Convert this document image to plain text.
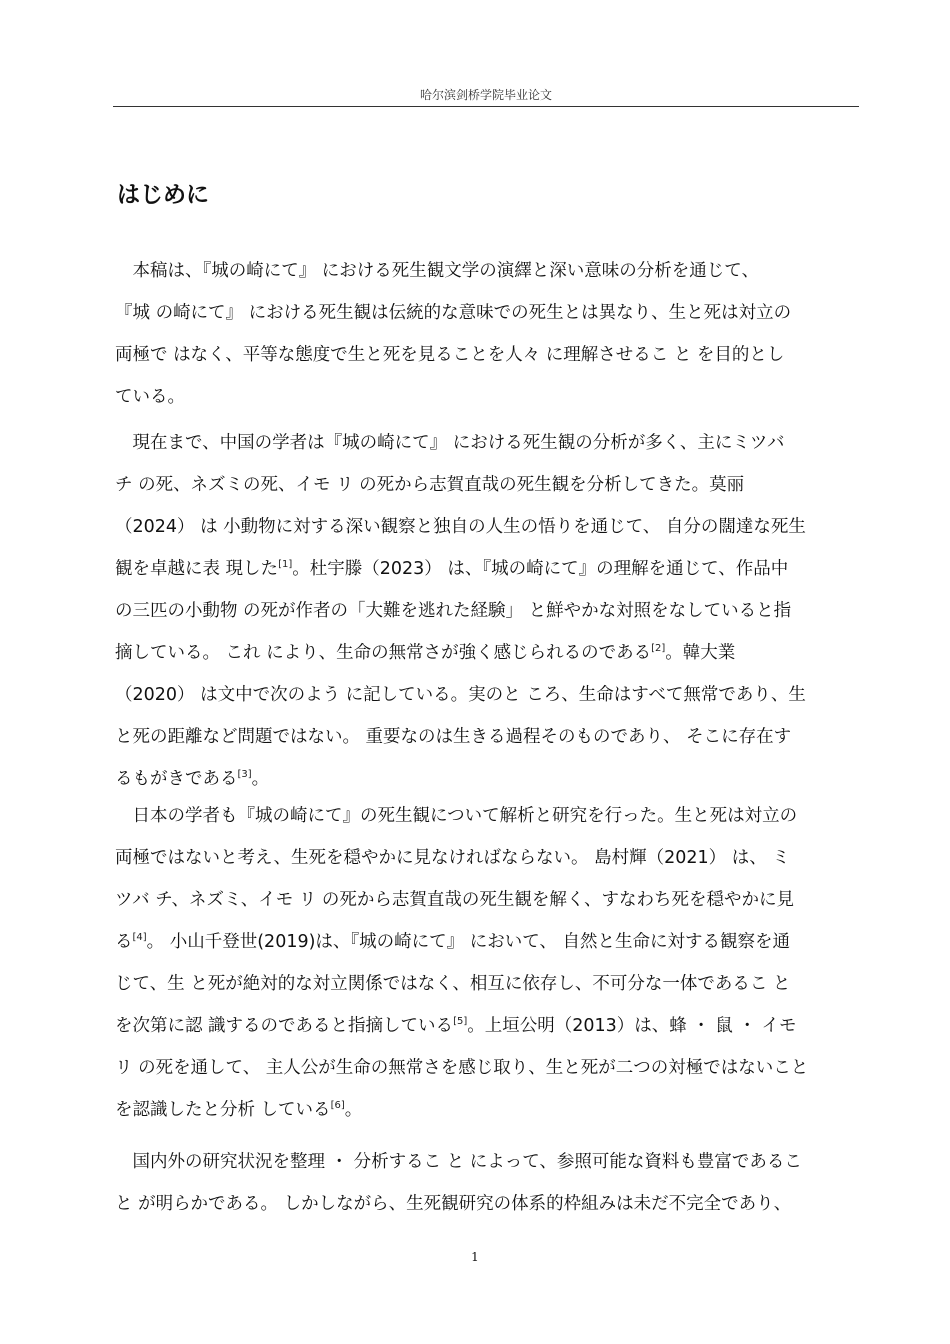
哈尔滨剑桥学院毕业论文
はじめに
　本稿は、『城の崎にて』 における死生観文学の演繹と深い意味の分析を通じて、
『城 の崎にて』 における死生観は伝統的な意味での死生とは異なり、生と死は対立の
両極で はなく、平等な態度で生と死を見ることを人々 に理解させるこ と を目的とし
ている。
　現在まで、中国の学者は『城の崎にて』 における死生観の分析が多く、主にミツバ
チ の死、ネズミの死、イモ リ の死から志賀直哉の死生観を分析してきた。莫丽
（2024） は 小動物に対する深い観察と独自の人生の悟りを通じて、 自分の闊達な死生
観を卓越に表 現した[1]。杜宇滕（2023） は、『城の崎にて』の理解を通じて、作品中
の三匹の小動物 の死が作者の「大難を逃れた経験」 と鮮やかな対照をなしていると指
摘している。 これ により、生命の無常さが強く感じられるのである[2]。韓大業
（2020） は文中で次のよう に記している。実のと ころ、生命はすべて無常であり、生
と死の距離など問題ではない。 重要なのは生きる過程そのものであり、 そこに存在す
るもがきである[3]。
　日本の学者も『城の崎にて』の死生観について解析と研究を行った。生と死は対立の
両極ではないと考え、生死を穏やかに見なければならない。 島村輝（2021） は、 ミ
ツバ チ、ネズミ、イモ リ の死から志賀直哉の死生観を解く、すなわち死を穏やかに見
る[4]。 小山千登世(2019)は、『城の崎にて』 において、 自然と生命に対する観察を通
じて、生 と死が絶対的な対立関係ではなく、相互に依存し、不可分な一体であるこ と
を次第に認 識するのであると指摘している[5]。上垣公明（2013）は、蜂 ・ 鼠 ・ イモ
リ の死を通して、 主人公が生命の無常さを感じ取り、生と死が二つの対極ではないこと
を認識したと分析 している[6]。
　国内外の研究状況を整理 ・ 分析するこ と によって、参照可能な資料も豊富であるこ
と が明らかである。 しかしながら、生死観研究の体系的枠組みは未だ不完全であり、
1
